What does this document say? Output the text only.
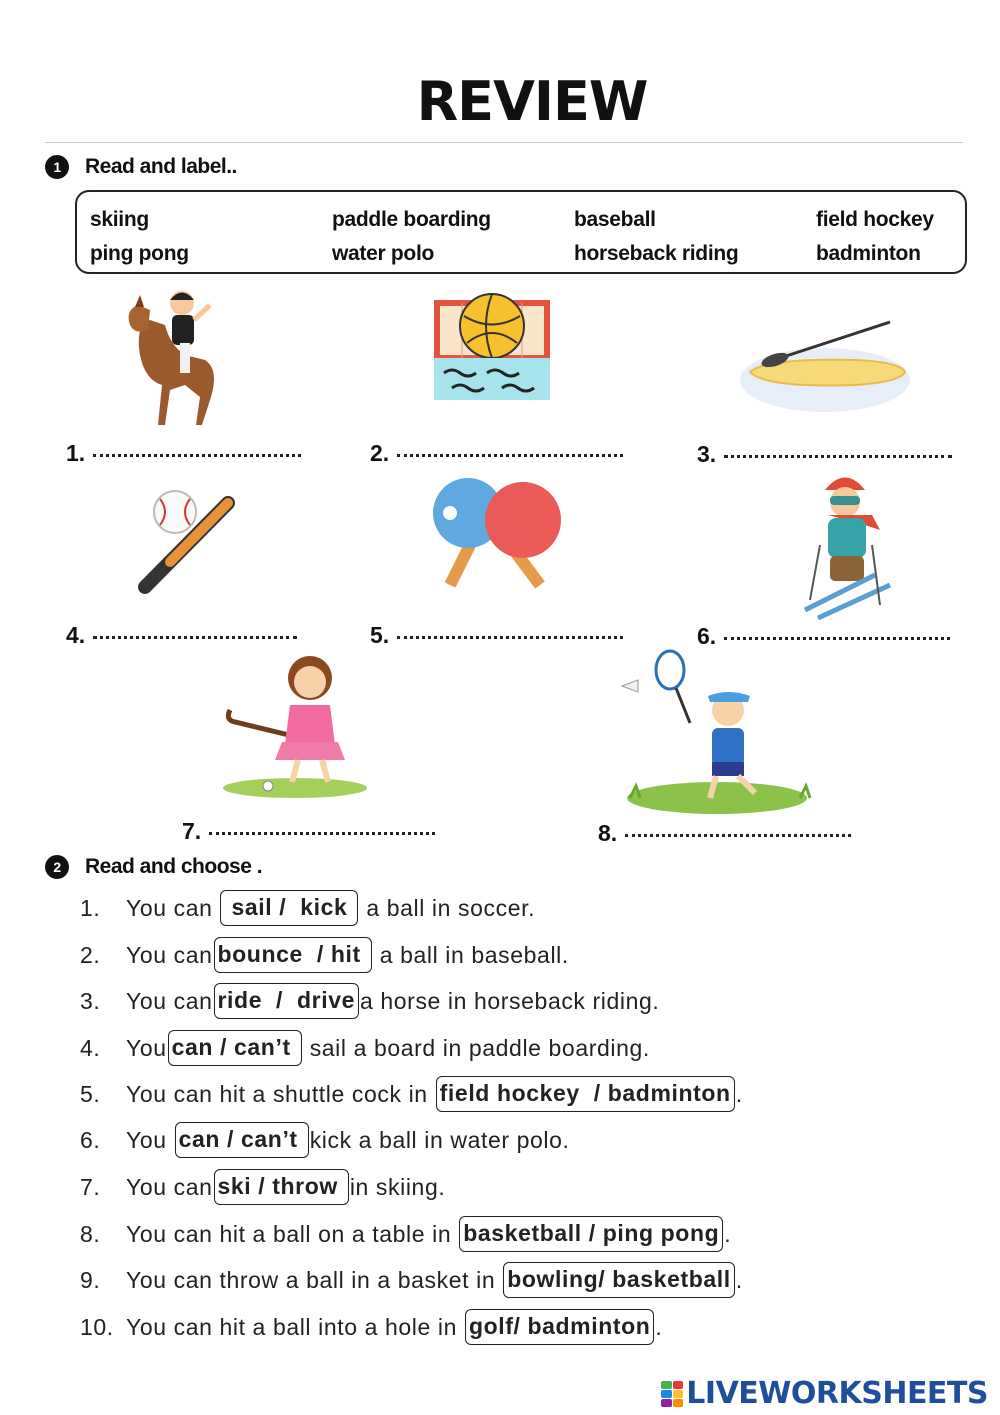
REVIEW
1	Read and label..
skiing	paddle boarding	baseball	field hockey
ping pong	water polo	horseback riding	badminton
1.	2.	3.
4.	5.	6.
7.	8.
2	Read and choose .
1.	You can sail /  kick a ball in soccer.
2.	You can bounce  / hit a ball in baseball.
3.	You can ride  /  drive a horse in horseback riding.
4.	You can / can’t sail a board in paddle boarding.
5.	You can hit a shuttle cock in field hockey  / badminton .
6.	You can / can’t kick a ball in water polo.
7.	You can ski / throw in skiing.
8.	You can hit a ball on a table in basketball / ping pong .
9.	You can throw a ball in a basket in bowling/ basketball .
10. You can hit a ball into a hole in golf/ badminton .
LIVEWORKSHEETS
